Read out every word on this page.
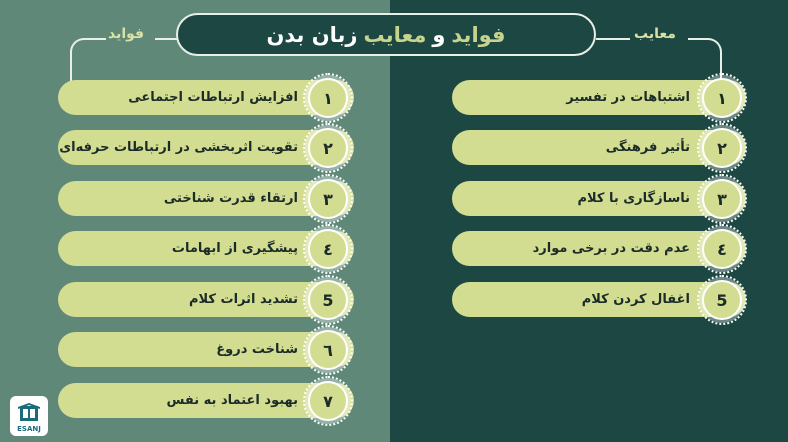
فواید	معایب
فواید
و
معایب
زبان بدن
افزایش ارتباطات اجتماعی	۱
تقویت اثربخشی در ارتباطات حرفه‌ای	۲
ارتقاء قدرت شناختی	۳
پیشگیری از ابهامات	٤
تشدید اثرات کلام	5
شناخت دروغ	٦
بهبود اعتماد به نفس	۷
اشتباهات در تفسیر	۱
تأثیر فرهنگی	۲
ناسازگاری با کلام	۳
عدم دقت در برخی موارد	٤
اغفال کردن کلام	5
ESANJ
